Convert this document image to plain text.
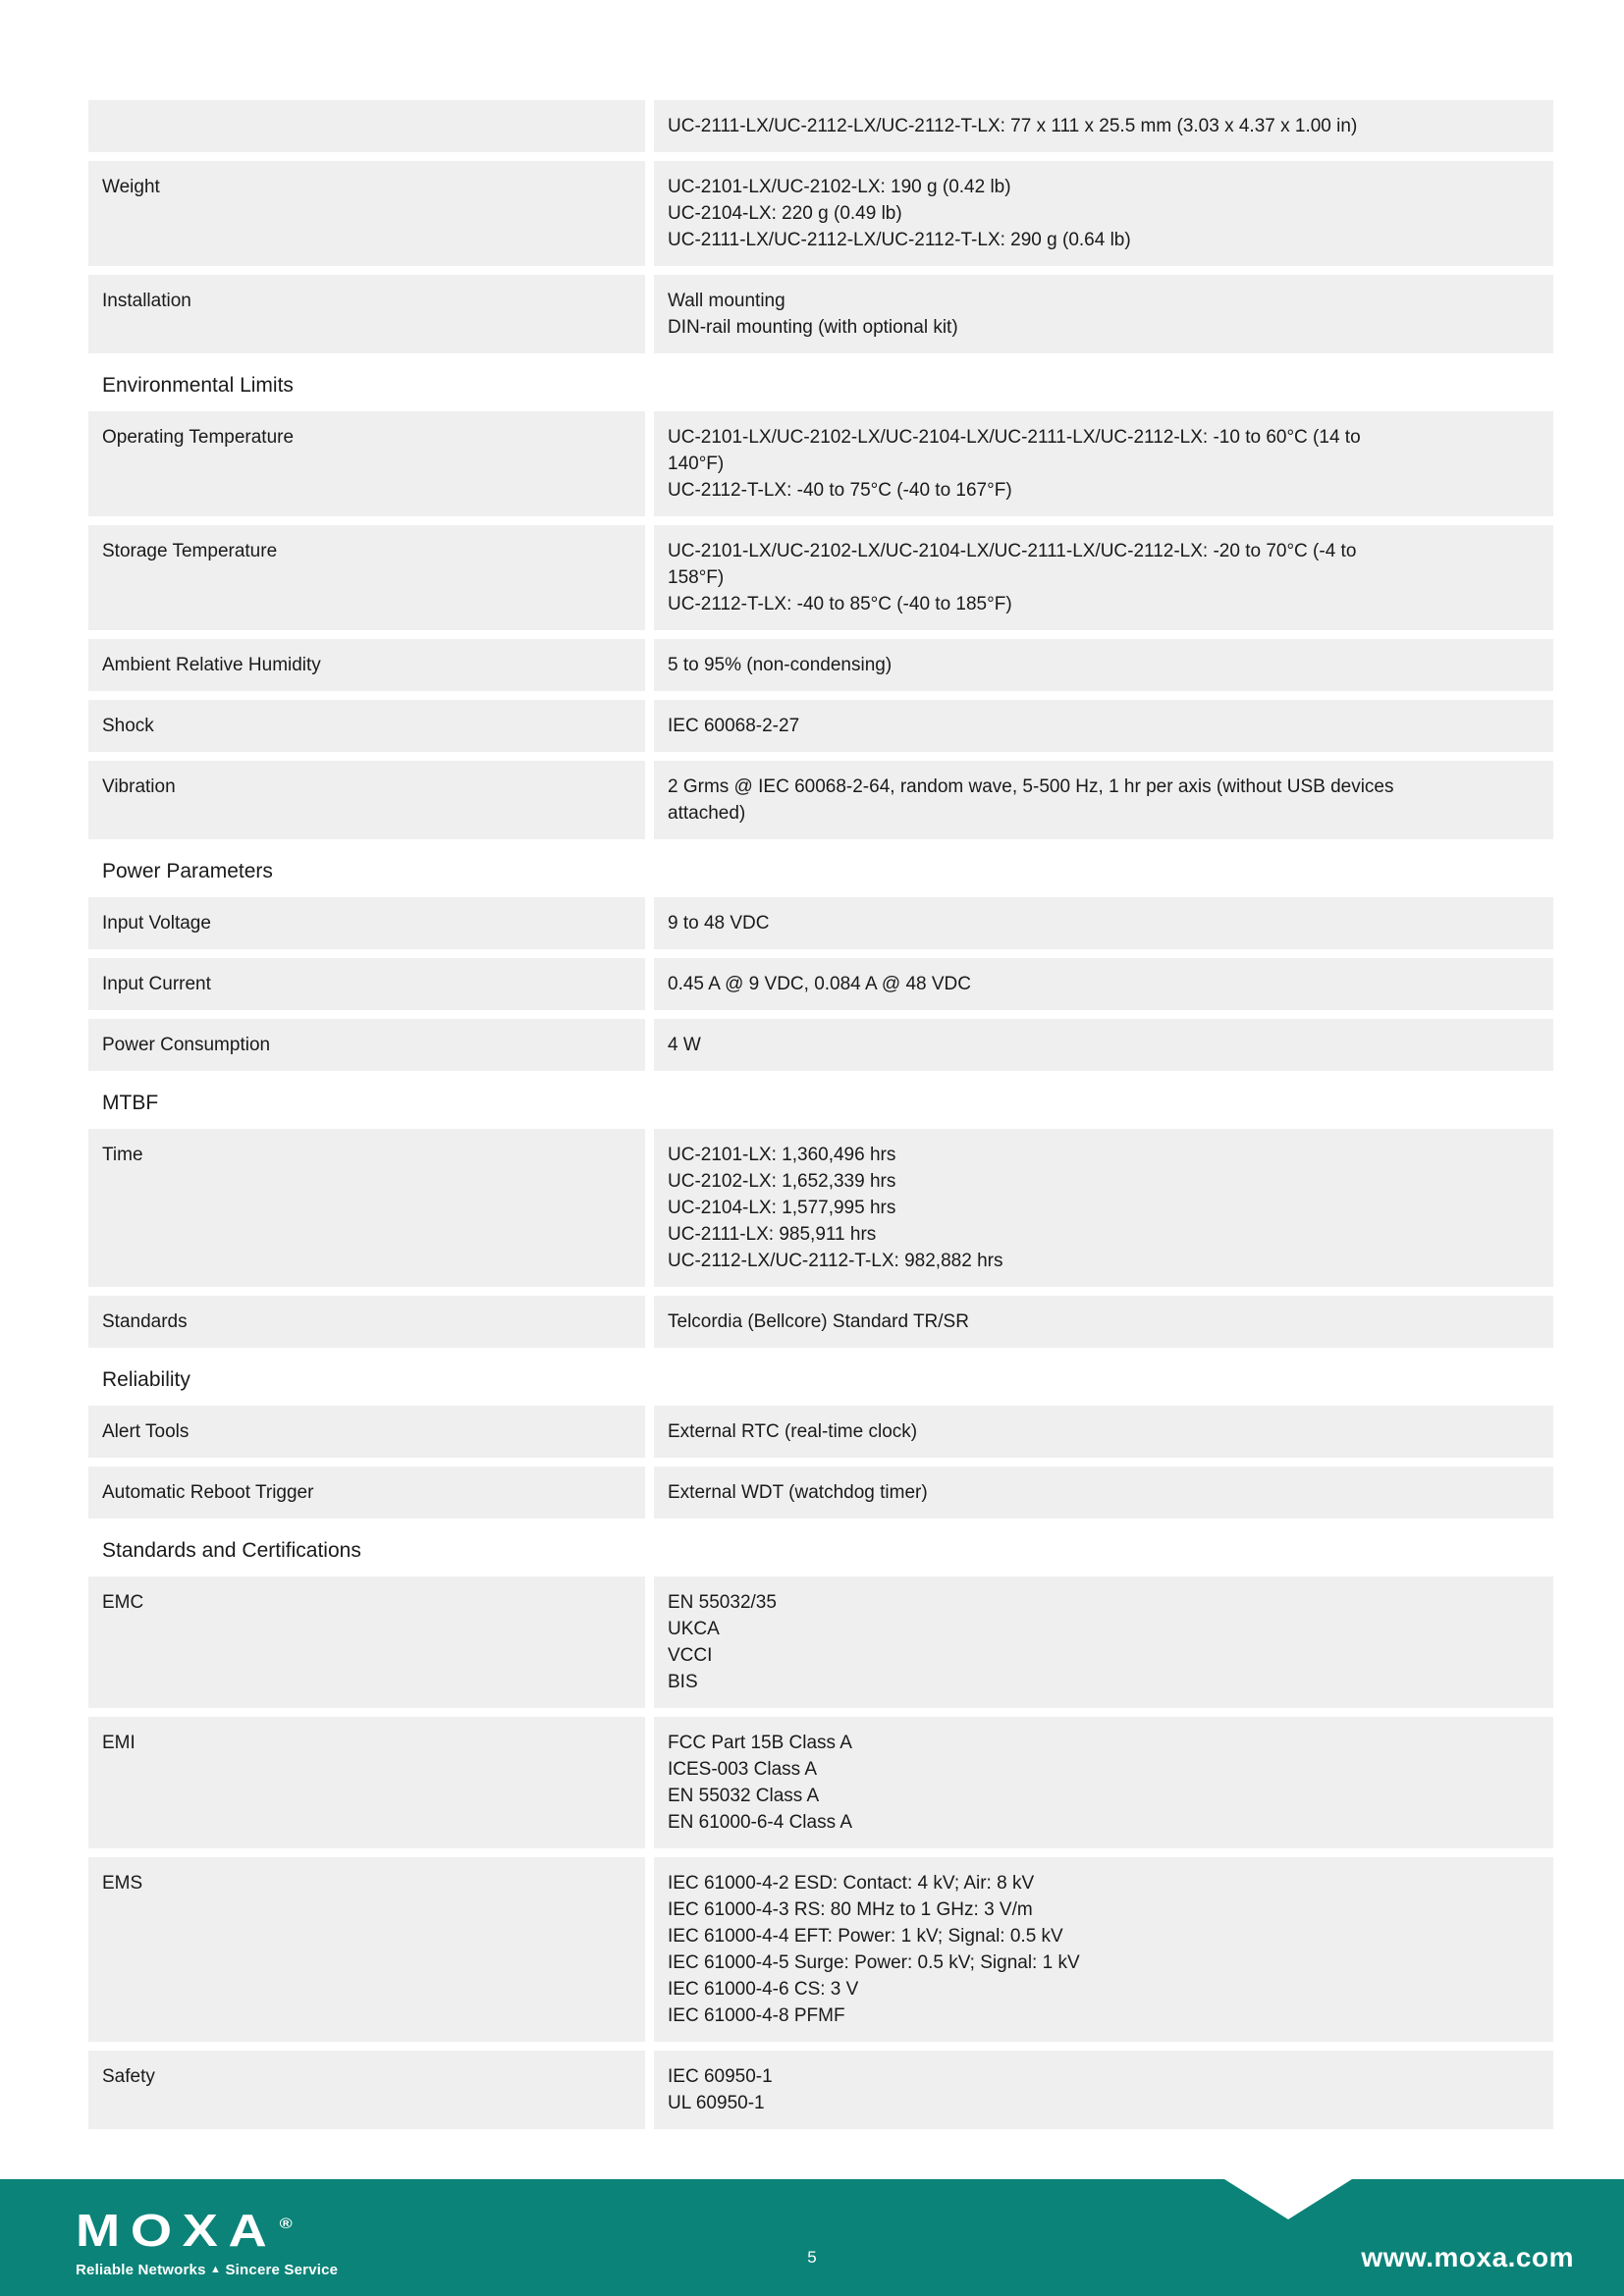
UC-2111-LX/UC-2112-LX/UC-2112-T-LX: 77 x 111 x 25.5 mm (3.03 x 4.37 x 1.00 in)
Weight	UC-2101-LX/UC-2102-LX: 190 g (0.42 lb)
UC-2104-LX: 220 g (0.49 lb)
UC-2111-LX/UC-2112-LX/UC-2112-T-LX: 290 g (0.64 lb)
Installation	Wall mounting
DIN-rail mounting (with optional kit)
Environmental Limits
Operating Temperature	UC-2101-LX/UC-2102-LX/UC-2104-LX/UC-2111-LX/UC-2112-LX: -10 to 60°C (14 to
140°F)
UC-2112-T-LX: -40 to 75°C (-40 to 167°F)
Storage Temperature	UC-2101-LX/UC-2102-LX/UC-2104-LX/UC-2111-LX/UC-2112-LX: -20 to 70°C (-4 to
158°F)
UC-2112-T-LX: -40 to 85°C (-40 to 185°F)
Ambient Relative Humidity	5 to 95% (non-condensing)
Shock	IEC 60068-2-27
Vibration	2 Grms @ IEC 60068-2-64, random wave, 5-500 Hz, 1 hr per axis (without USB devices
attached)
Power Parameters
Input Voltage	9 to 48 VDC
Input Current	0.45 A @ 9 VDC, 0.084 A @ 48 VDC
Power Consumption	4 W
MTBF
Time	UC-2101-LX: 1,360,496 hrs
UC-2102-LX: 1,652,339 hrs
UC-2104-LX: 1,577,995 hrs
UC-2111-LX: 985,911 hrs
UC-2112-LX/UC-2112-T-LX: 982,882 hrs
Standards	Telcordia (Bellcore) Standard TR/SR
Reliability
Alert Tools	External RTC (real-time clock)
Automatic Reboot Trigger	External WDT (watchdog timer)
Standards and Certifications
EMC	EN 55032/35
UKCA
VCCI
BIS
EMI	FCC Part 15B Class A
ICES-003 Class A
EN 55032 Class A
EN 61000-6-4 Class A
EMS	IEC 61000-4-2 ESD: Contact: 4 kV; Air: 8 kV
IEC 61000-4-3 RS: 80 MHz to 1 GHz: 3 V/m
IEC 61000-4-4 EFT: Power: 1 kV; Signal: 0.5 kV
IEC 61000-4-5 Surge: Power: 0.5 kV; Signal: 1 kV
IEC 61000-4-6 CS: 3 V
IEC 61000-4-8 PFMF
Safety	IEC 60950-1
UL 60950-1
MOXA ®
Reliable Networks ▲ Sincere Service
5	www.moxa.com
